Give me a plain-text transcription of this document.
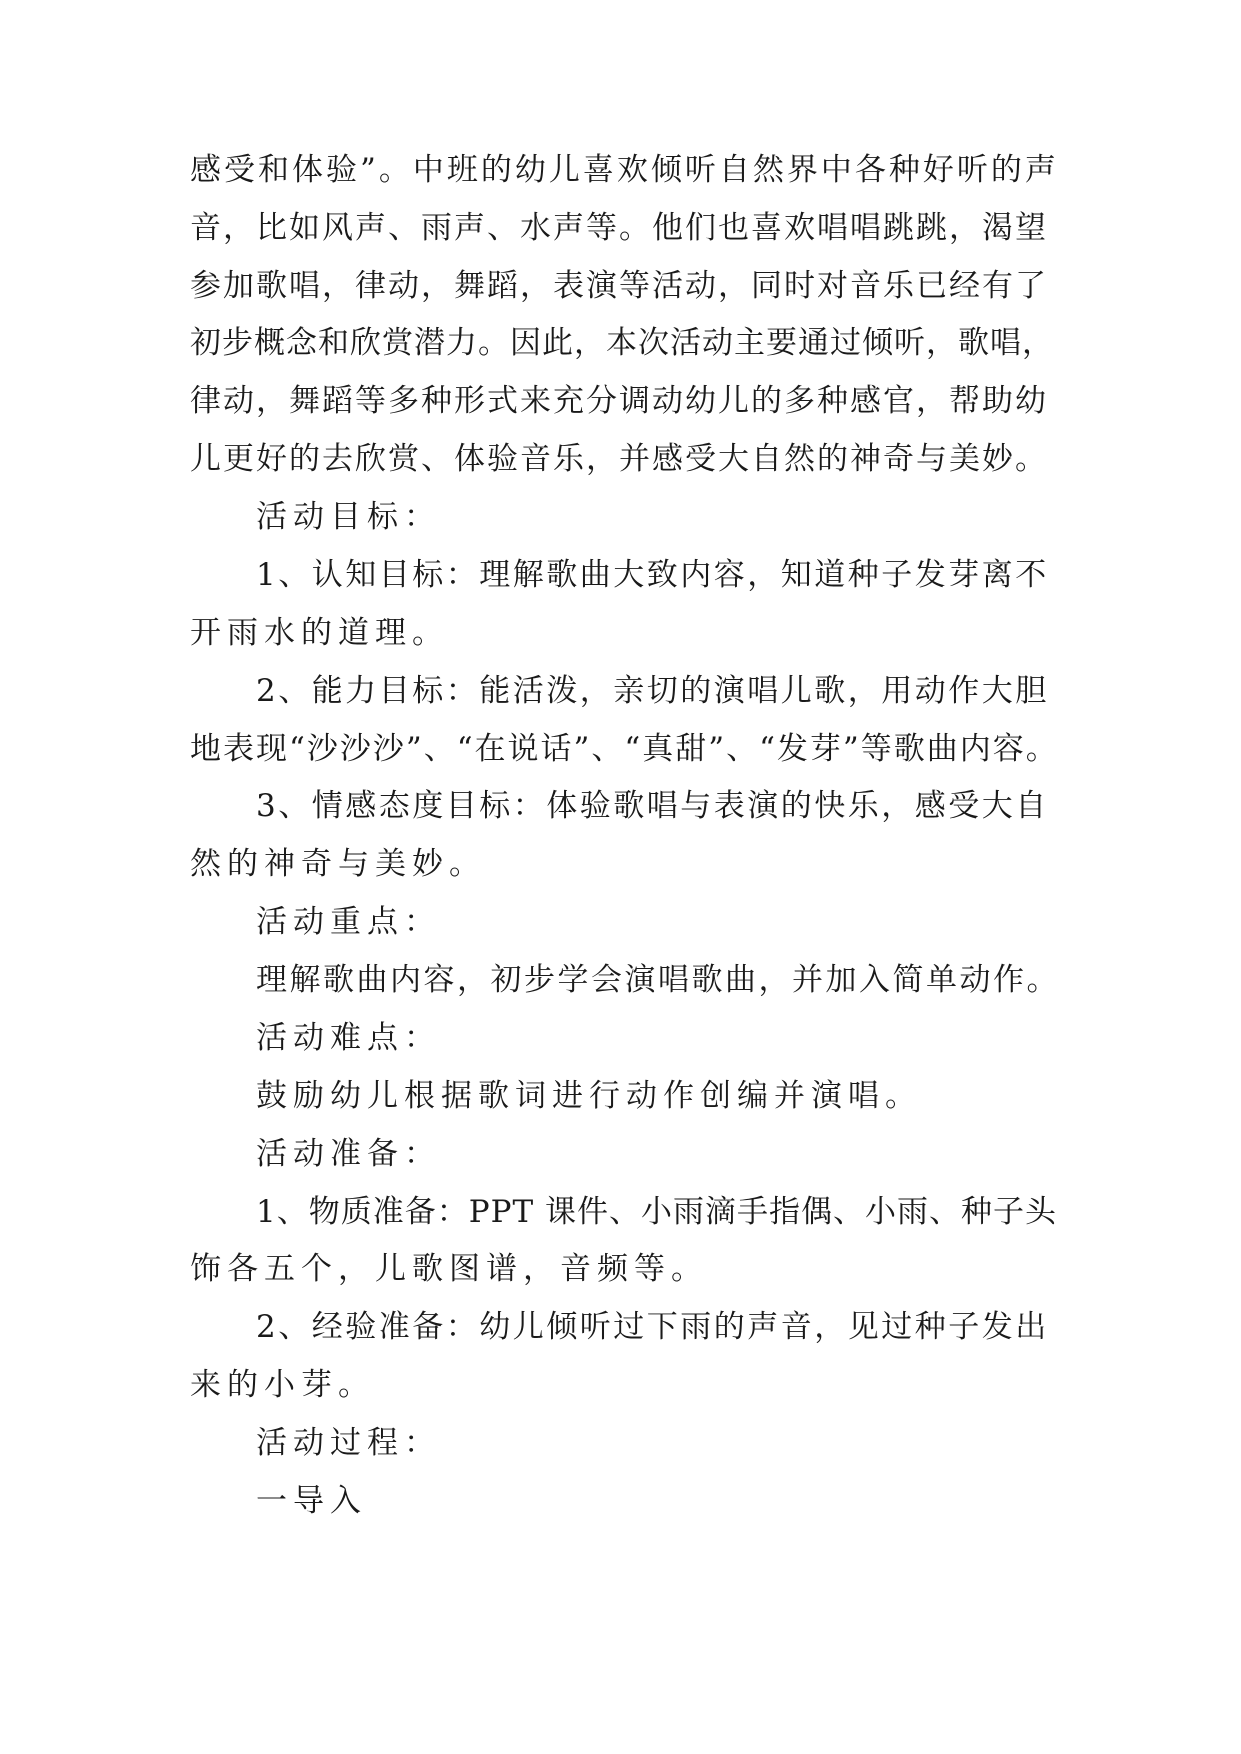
感受和体验”。中班的幼儿喜欢倾听自然界中各种好听的声
音，比如风声、雨声、水声等。他们也喜欢唱唱跳跳，渴望
参加歌唱，律动，舞蹈，表演等活动，同时对音乐已经有了
初步概念和欣赏潜力。因此，本次活动主要通过倾听，歌唱，
律动，舞蹈等多种形式来充分调动幼儿的多种感官，帮助幼
儿更好的去欣赏、体验音乐，并感受大自然的神奇与美妙。
活动目标：
1、认知目标：理解歌曲大致内容，知道种子发芽离不
开雨水的道理。
2、能力目标：能活泼，亲切的演唱儿歌，用动作大胆
地表现“沙沙沙”、“在说话”、“真甜”、“发芽”等歌曲内容。
3、情感态度目标：体验歌唱与表演的快乐，感受大自
然的神奇与美妙。
活动重点：
理解歌曲内容，初步学会演唱歌曲，并加入简单动作。
活动难点：
鼓励幼儿根据歌词进行动作创编并演唱。
活动准备：
1、物质准备：PPT 课件、小雨滴手指偶、小雨、种子头
饰各五个，儿歌图谱，音频等。
2、经验准备：幼儿倾听过下雨的声音，见过种子发出
来的小芽。
活动过程：
一导入
